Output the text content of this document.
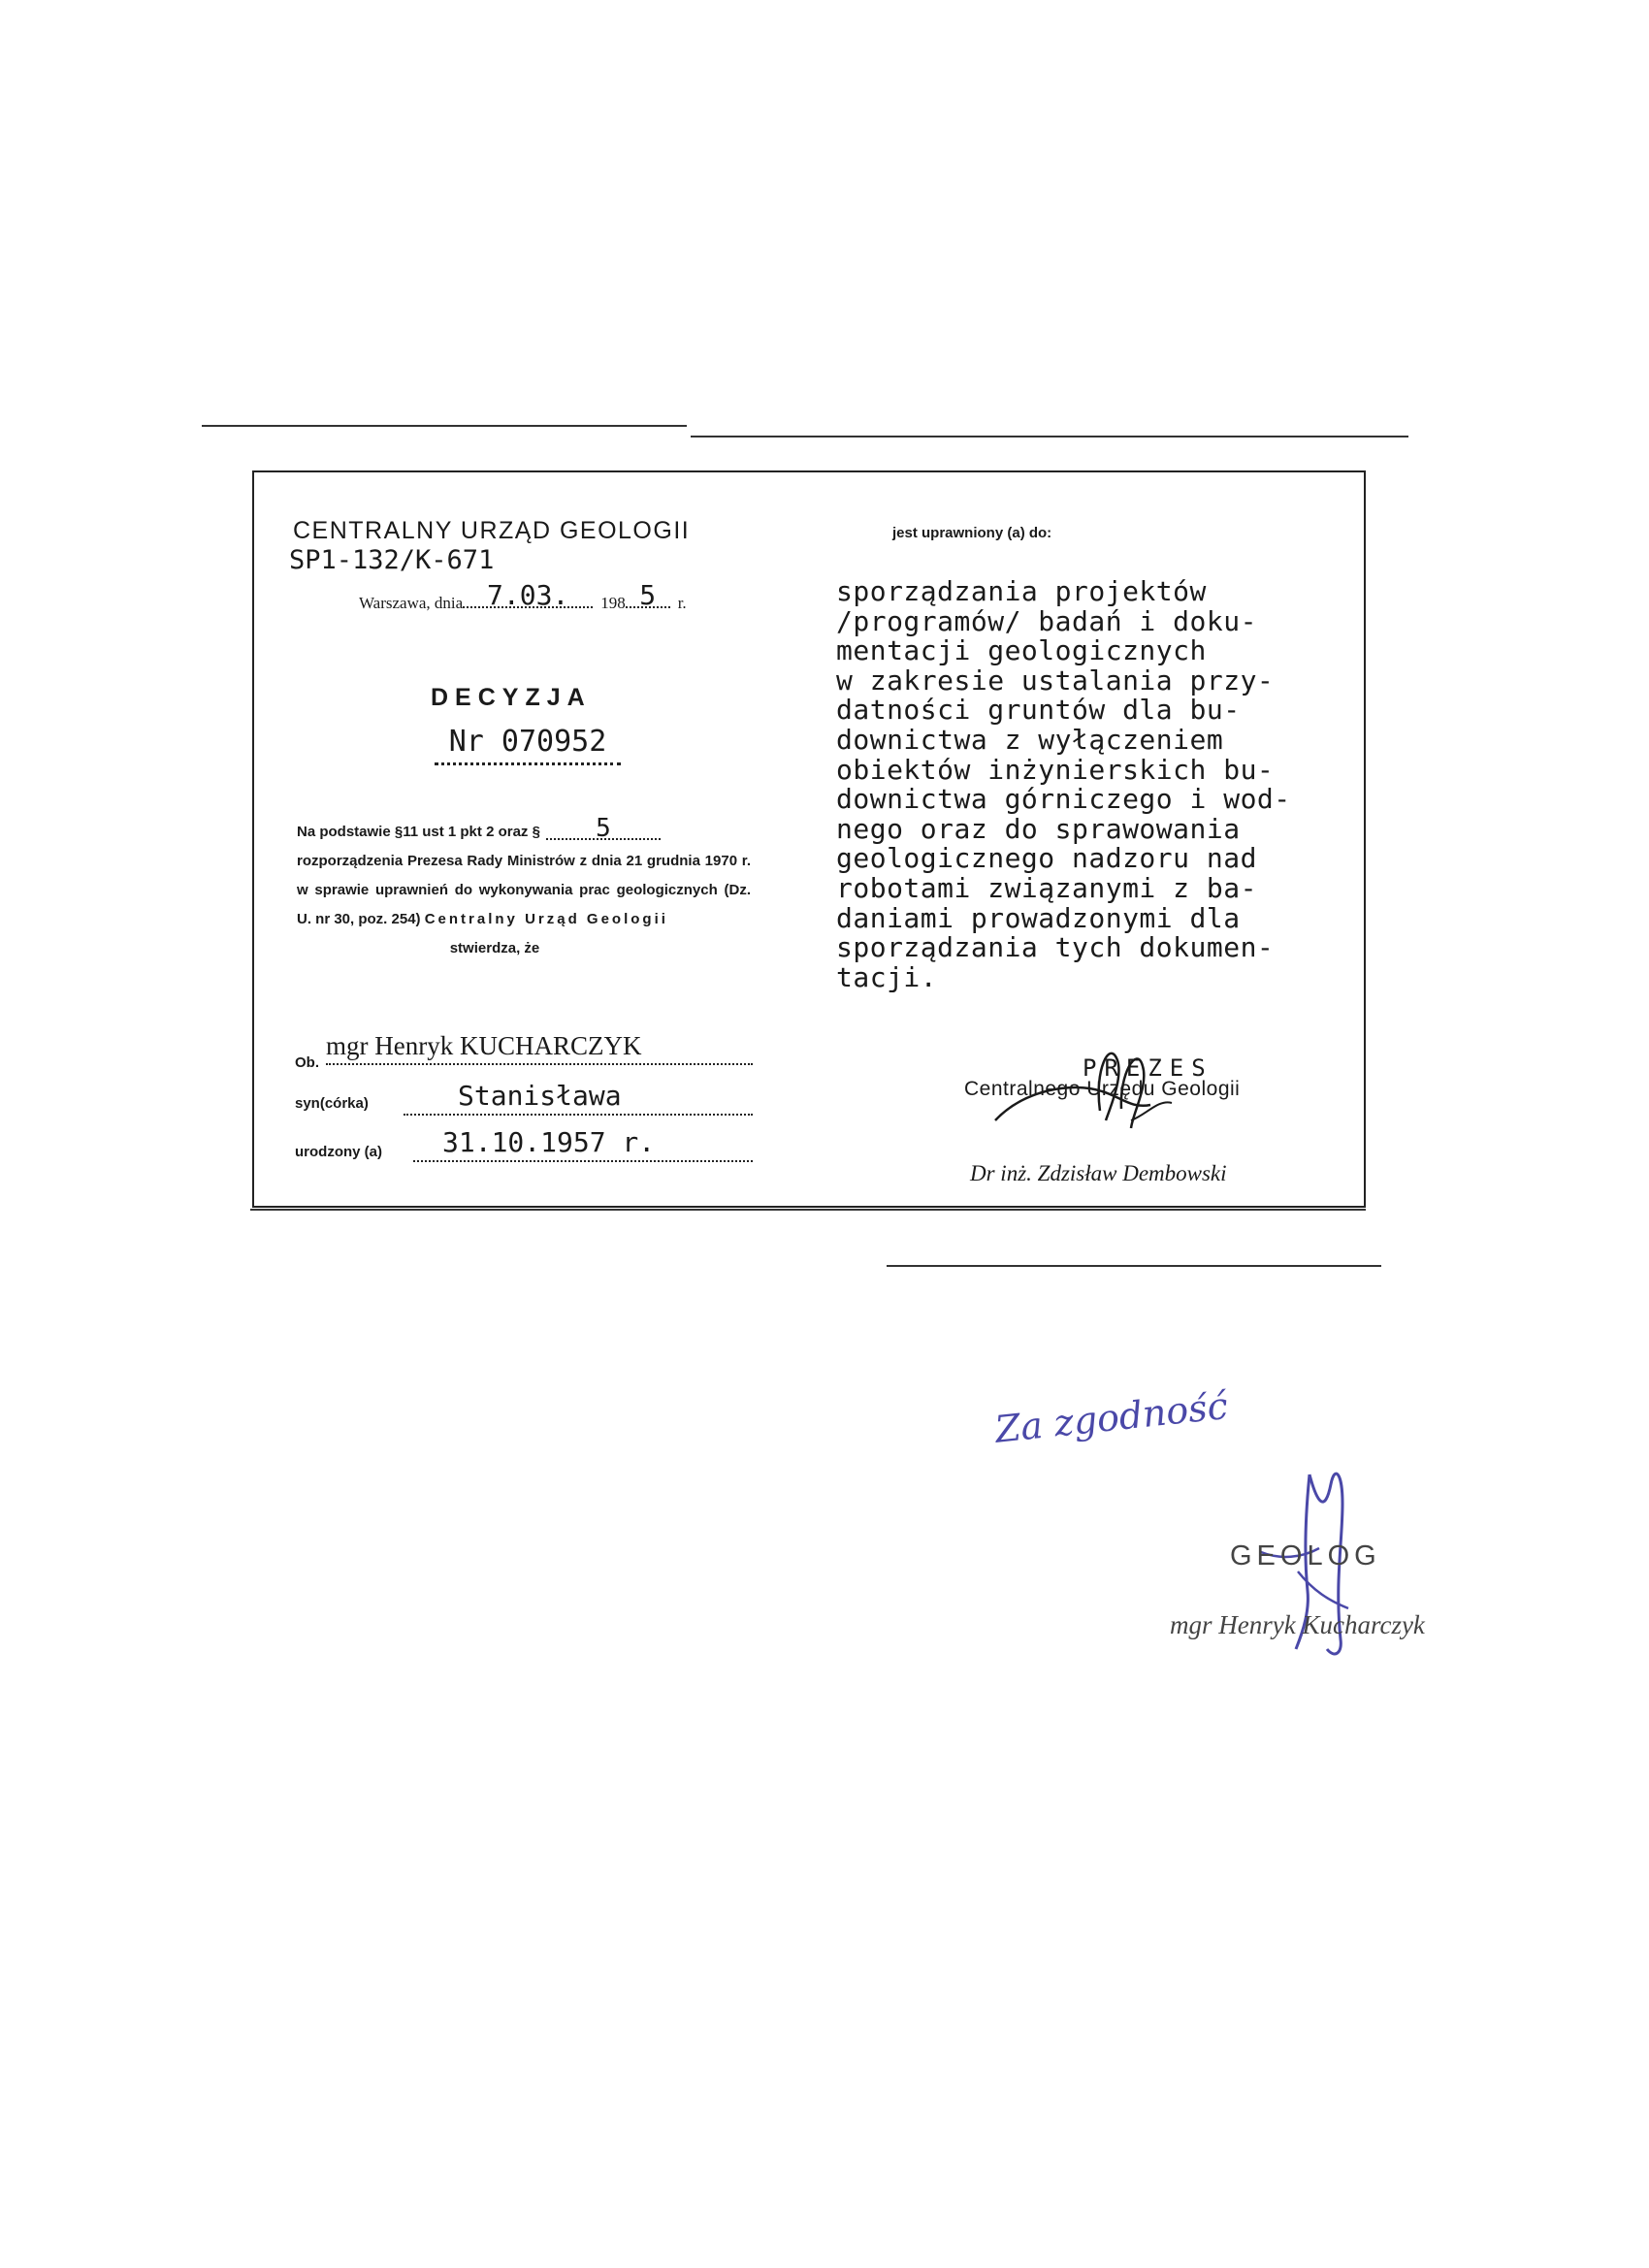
CENTRALNY URZĄD GEOLOGII
SP1-132/K-671
Warszawa, dnia 7.03. 198 5 r.
DECYZJA
Nr 070952
Na podstawie §11 ust 1 pkt 2 oraz § 5
rozporządzenia Prezesa Rady Ministrów z dnia 21 grudnia 1970 r. w sprawie uprawnień do wykonywania prac geologicznych (Dz. U. nr 30, poz. 254) Centralny Urząd Geologii
stwierdza, że
Ob.
mgr Henryk KUCHARCZYK
syn(córka)	Stanisława
urodzony (a)	31.10.1957 r.
jest uprawniony (a) do:
sporządzania projektów
/programów/ badań i doku-
mentacji geologicznych
w zakresie ustalania przy-
datności gruntów dla bu-
downictwa z wyłączeniem
obiektów inżynierskich bu-
downictwa górniczego i wod-
nego oraz do sprawowania
geologicznego nadzoru nad
robotami związanymi z ba-
daniami prowadzonymi dla
sporządzania tych dokumen-
tacji.
PREZES
Centralnego Urzędu Geologii
Dr inż. Zdzisław Dembowski
Za zgodność
GEOLOG
mgr Henryk Kucharczyk
